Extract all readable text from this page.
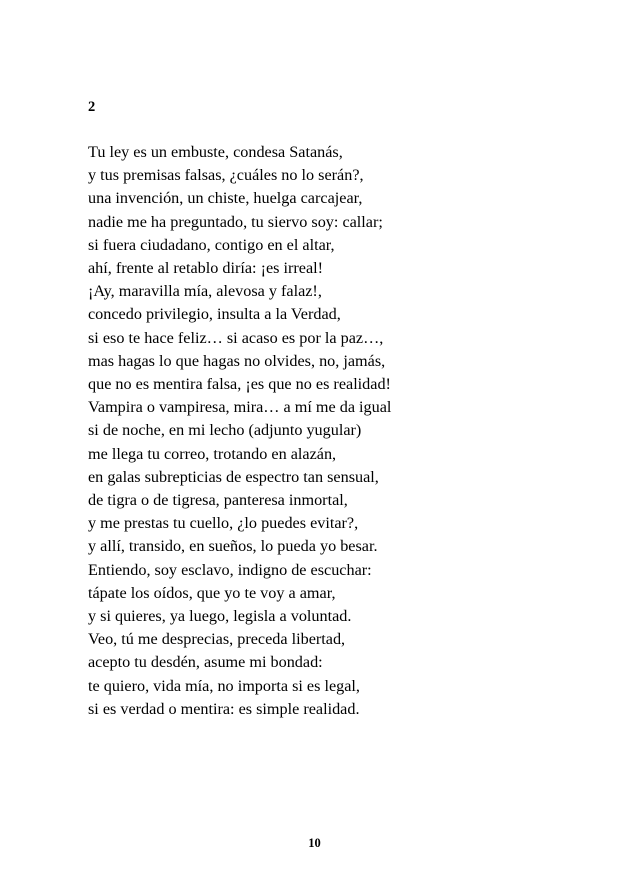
2
Tu ley es un embuste, condesa Satanás,
y tus premisas falsas, ¿cuáles no lo serán?,
una invención, un chiste, huelga carcajear,
nadie me ha preguntado, tu siervo soy: callar;
si fuera ciudadano, contigo en el altar,
ahí, frente al retablo diría: ¡es irreal!
¡Ay, maravilla mía, alevosa y falaz!,
concedo privilegio, insulta a la Verdad,
si eso te hace feliz… si acaso es por la paz…,
mas hagas lo que hagas no olvides, no, jamás,
que no es mentira falsa, ¡es que no es realidad!
Vampira o vampiresa, mira… a mí me da igual
si de noche, en mi lecho (adjunto yugular)
me llega tu correo, trotando en alazán,
en galas subrepticias de espectro tan sensual,
de tigra o de tigresa, panteresa inmortal,
y me prestas tu cuello, ¿lo puedes evitar?,
y allí, transido, en sueños, lo pueda yo besar.
Entiendo, soy esclavo, indigno de escuchar:
tápate los oídos, que yo te voy a amar,
y si quieres, ya luego, legisla a voluntad.
Veo, tú me desprecias, preceda libertad,
acepto tu desdén, asume mi bondad:
te quiero, vida mía, no importa si es legal,
si es verdad o mentira: es simple realidad.
10
